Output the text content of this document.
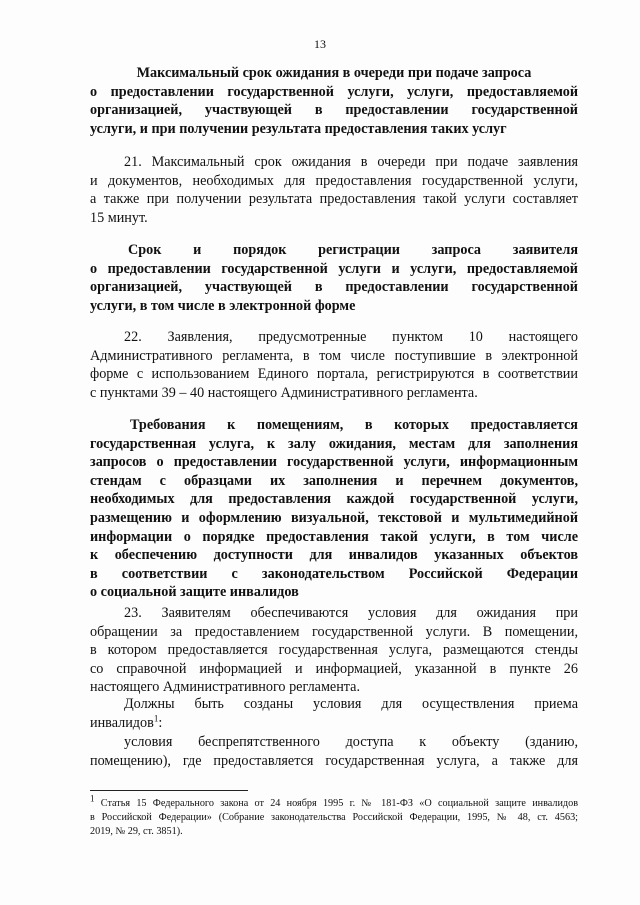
13
Максимальный срок ожидания в очереди при подаче запроса
о предоставлении государственной услуги, услуги, предоставляемой
организацией, участвующей в предоставлении государственной
услуги, и при получении результата предоставления таких услуг
21. Максимальный срок ожидания в очереди при подаче заявления
и документов, необходимых для предоставления государственной услуги,
а также при получении результата предоставления такой услуги составляет
15 минут.
Срок и порядок регистрации запроса заявителя
о предоставлении государственной услуги и услуги, предоставляемой
организацией, участвующей в предоставлении государственной
услуги, в том числе в электронной форме
22. Заявления, предусмотренные пунктом 10 настоящего
Административного регламента, в том числе поступившие в электронной
форме с использованием Единого портала, регистрируются в соответствии
с пунктами 39 – 40 настоящего Административного регламента.
Требования к помещениям, в которых предоставляется
государственная услуга, к залу ожидания, местам для заполнения
запросов о предоставлении государственной услуги, информационным
стендам с образцами их заполнения и перечнем документов,
необходимых для предоставления каждой государственной услуги,
размещению и оформлению визуальной, текстовой и мультимедийной
информации о порядке предоставления такой услуги, в том числе
к обеспечению доступности для инвалидов указанных объектов
в соответствии с законодательством Российской Федерации
о социальной защите инвалидов
23. Заявителям обеспечиваются условия для ожидания при
обращении за предоставлением государственной услуги. В помещении,
в котором предоставляется государственная услуга, размещаются стенды
со справочной информацией и информацией, указанной в пункте 26
настоящего Административного регламента.
Должны быть созданы условия для осуществления приема
инвалидов$^1$:
условия беспрепятственного доступа к объекту (зданию,
помещению), где предоставляется государственная услуга, а также для
$^1$ Статья 15 Федерального закона от 24 ноября 1995 г. № 181-ФЗ «О социальной защите инвалидов
в Российской Федерации» (Собрание законодательства Российской Федерации, 1995, № 48, ст. 4563;
2019, № 29, ст. 3851).
